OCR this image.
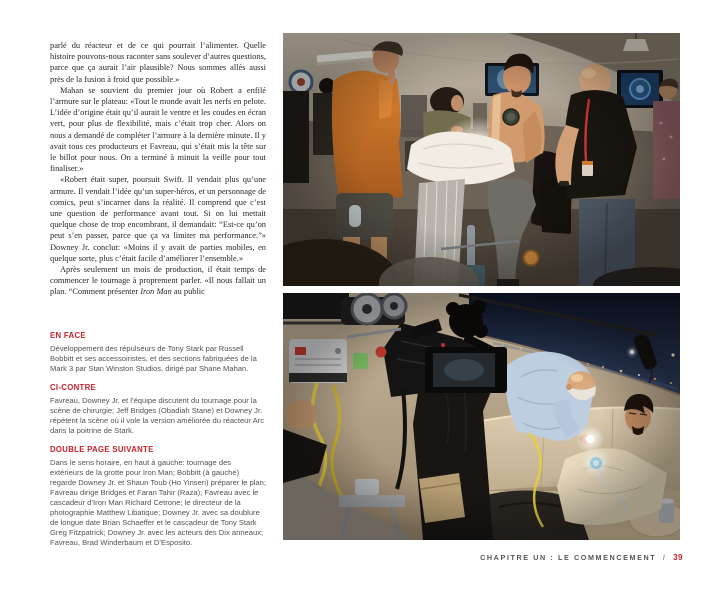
parlé du réacteur et de ce qui pourrait l’alimenter. Quelle histoire pouvons-nous raconter sans soulever d’autres questions, parce que ça aurait l’air plausible? Nous sommes allés aussi près de la fusion à froid que possible.»

Mahan se souvient du premier jour où Robert a enfilé l’armure sur le plateau: «Tout le monde avait les nerfs en pelote. L’idée d’origine était qu’il aurait le ventre et les coudes en écran vert, pour plus de flexibilité, mais c’était trop cher. Alors on nous a demandé de compléter l’armure à la dernière minute. Il y avait tous ces producteurs et Favreau, qui s’était mis la tête sur le billot pour nous. On a terminé à minuit la veille pour tout finaliser.»

«Robert était super, poursuit Swift. Il vendait plus qu’une armure. Il vendait l’idée qu’un super-héros, et un personnage de comics, peut s’incarner dans la réalité. Il comprend que c’est une question de performance avant tout. Si on lui mettait quelque chose de trop encombrant, il demandait: “Est-ce qu’on peut s’en passer, parce que ça va limiter ma performance.”» Downey Jr. conclut: «Moins il y avait de parties mobiles, en quelque sorte, plus c’était facile d’améliorer l’ensemble.»

Après seulement un mois de production, il était temps de commencer le tournage à proprement parler. «Il nous fallait un plan. “Comment présenter Iron Man au public

EN FACE

Développement des répulseurs de Tony Stark par Russell Bobbitt et ses accessoiristes, et des sections fabriquées de la Mark 3 par Stan Winston Studios, dirigé par Shane Mahan.

CI-CONTRE

Favreau, Downey Jr. et l’équipe discutent du tournage pour la scène de chirurgie; Jeff Bridges (Obadiah Stane) et Downey Jr. répètent la scène où il vole la version améliorée du réacteur Arc dans la poitrine de Stark.

DOUBLE PAGE SUIVANTE

Dans le sens horaire, en haut à gauche: tournage des extérieurs de la grotte pour Iron Man; Bobbitt (à gauche) regarde Downey Jr. et Shaun Toub (Ho Yinsen) préparer le plan; Favreau dirige Bridges et Faran Tahir (Raza); Favreau avec le cascadeur d’Iron Man Richard Cetrone; le directeur de la photographie Matthew Libatique; Downey Jr. avec sa doublure de longue date Brian Schaeffer et le cascadeur de Tony Stark Greg Fitzpatrick; Downey Jr. avec les acteurs des Dix anneaux; Favreau, Brad Winderbaum et D’Esposito.

CHAPITRE UN : LE COMMENCEMENT / 39
